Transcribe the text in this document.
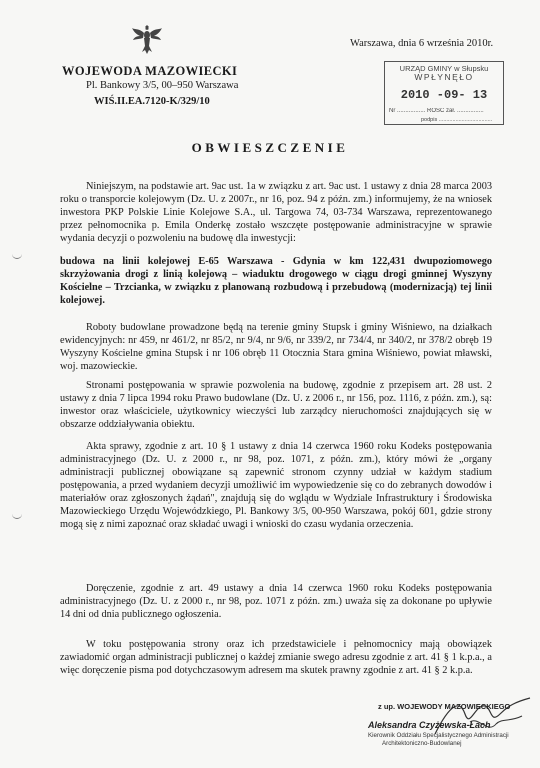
WOJEWODA MAZOWIECKI
Pl. Bankowy 3/5, 00–950 Warszawa
WIŚ.II.EA.7120-K/329/10
Warszawa, dnia 6 września 2010r.
URZĄD GMINY w Słupsku
WPŁYNĘŁO
2010 -09- 13
Nr ................. ROSC zał. ................
podpis ...................................
OBWIESZCZENIE
Niniejszym, na podstawie art. 9ac ust. 1a w związku z art. 9ac ust. 1 ustawy z dnia 28 marca 2003 roku o transporcie kolejowym (Dz. U. z 2007r., nr 16, poz. 94 z późn. zm.) informujemy, że na wniosek inwestora PKP Polskie Linie Kolejowe S.A., ul. Targowa 74, 03-734 Warszawa, reprezentowanego przez pełnomocnika p. Emila Onderkę zostało wszczęte postępowanie administracyjne w sprawie wydania decyzji o pozwoleniu na budowę dla inwestycji:
budowa na linii kolejowej E-65 Warszawa - Gdynia w km 122,431 dwupoziomowego skrzyżowania drogi z linią kolejową – wiaduktu drogowego w ciągu drogi gminnej Wyszyny Kościelne – Trzcianka, w związku z planowaną rozbudową i przebudową (modernizacją) tej linii kolejowej.
Roboty budowlane prowadzone będą na terenie gminy Stupsk i gminy Wiśniewo, na działkach ewidencyjnych: nr 459, nr 461/2, nr 85/2, nr 9/4, nr 9/6, nr 339/2, nr 734/4, nr 340/2, nr 378/2 obręb 19 Wyszyny Kościelne gmina Stupsk i nr 106 obręb 11 Otocznia Stara gmina Wiśniewo, powiat mławski, woj. mazowieckie.
Stronami postępowania w sprawie pozwolenia na budowę, zgodnie z przepisem art. 28 ust. 2 ustawy z dnia 7 lipca 1994 roku Prawo budowlane (Dz. U. z 2006 r., nr 156, poz. 1116, z późn. zm.), są: inwestor oraz właściciele, użytkownicy wieczyści lub zarządcy nieruchomości znajdujących się w obszarze oddziaływania obiektu.
Akta sprawy, zgodnie z art. 10 § 1 ustawy z dnia 14 czerwca 1960 roku Kodeks postępowania administracyjnego (Dz. U. z 2000 r., nr 98, poz. 1071, z późn. zm.), który mówi że „organy administracji publicznej obowiązane są zapewnić stronom czynny udział w każdym stadium postępowania, a przed wydaniem decyzji umożliwić im wypowiedzenie się co do zebranych dowodów i materiałów oraz zgłoszonych żądań", znajdują się do wglądu w Wydziale Infrastruktury i Środowiska Mazowieckiego Urzędu Wojewódzkiego, Pl. Bankowy 3/5, 00-950 Warszawa, pokój 601, gdzie strony mogą się z nimi zapoznać oraz składać uwagi i wnioski do czasu wydania orzeczenia.
Doręczenie, zgodnie z art. 49 ustawy a dnia 14 czerwca 1960 roku Kodeks postępowania administracyjnego (Dz. U. z 2000 r., nr 98, poz. 1071 z późn. zm.) uważa się za dokonane po upływie 14 dni od dnia publicznego ogłoszenia.
W toku postępowania strony oraz ich przedstawiciele i pełnomocnicy mają obowiązek zawiadomić organ administracji publicznej o każdej zmianie swego adresu zgodnie z art. 41 § 1 k.p.a., a więc doręczenie pisma pod dotychczasowym adresem ma skutek prawny zgodnie z art. 41 § 2 k.p.a.
z up. WOJEWODY MAZOWIECKIEGO
Aleksandra Czyżewska-Łach
Kierownik Oddziału Specjalistycznego Administracji
Architektoniczno-Budowlanej
